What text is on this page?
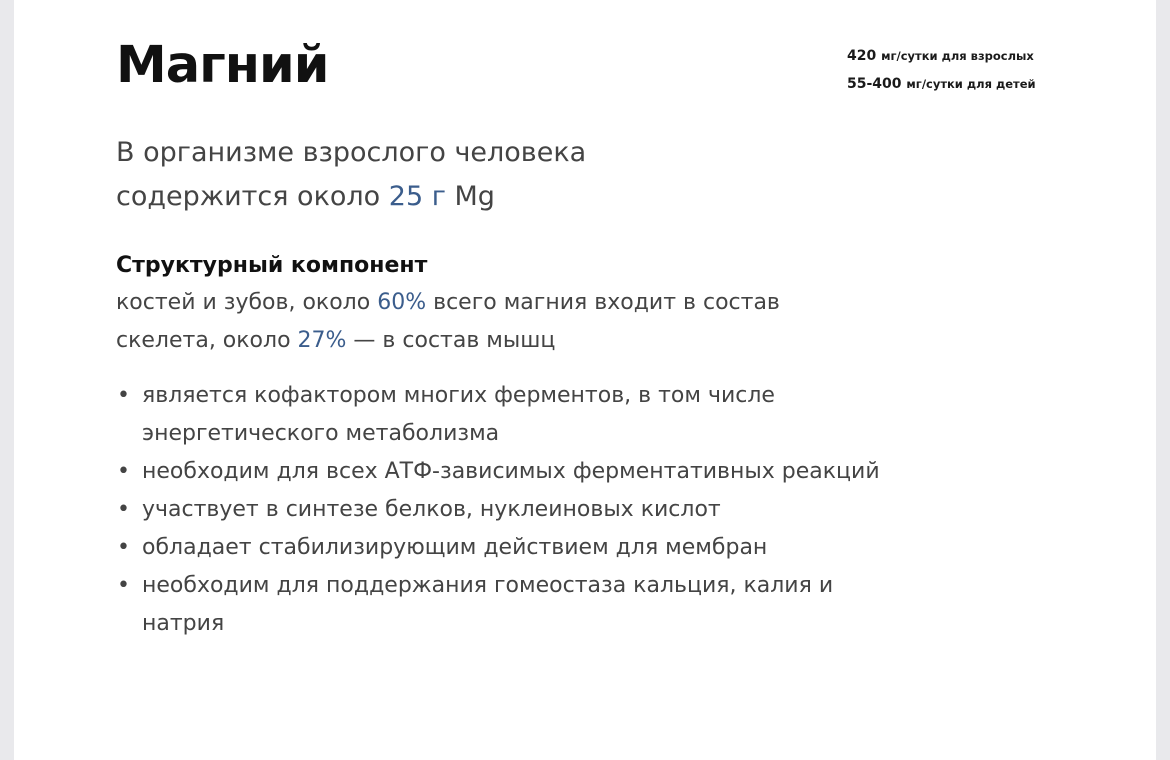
Магний	420 мг/сутки для взрослых
55-400 мг/сутки для детей
В организме взрослого человека
содержится около 25 г Mg
Структурный компонент
костей и зубов, около 60% всего магния входит в состав
скелета, около 27% — в состав мышц
• является кофактором многих ферментов, в том числе энергетического метаболизма
• необходим для всех АТФ-зависимых ферментативных реакций
• участвует в синтезе белков, нуклеиновых кислот
• обладает стабилизирующим действием для мембран
• необходим для поддержания гомеостаза кальция, калия и натрия
